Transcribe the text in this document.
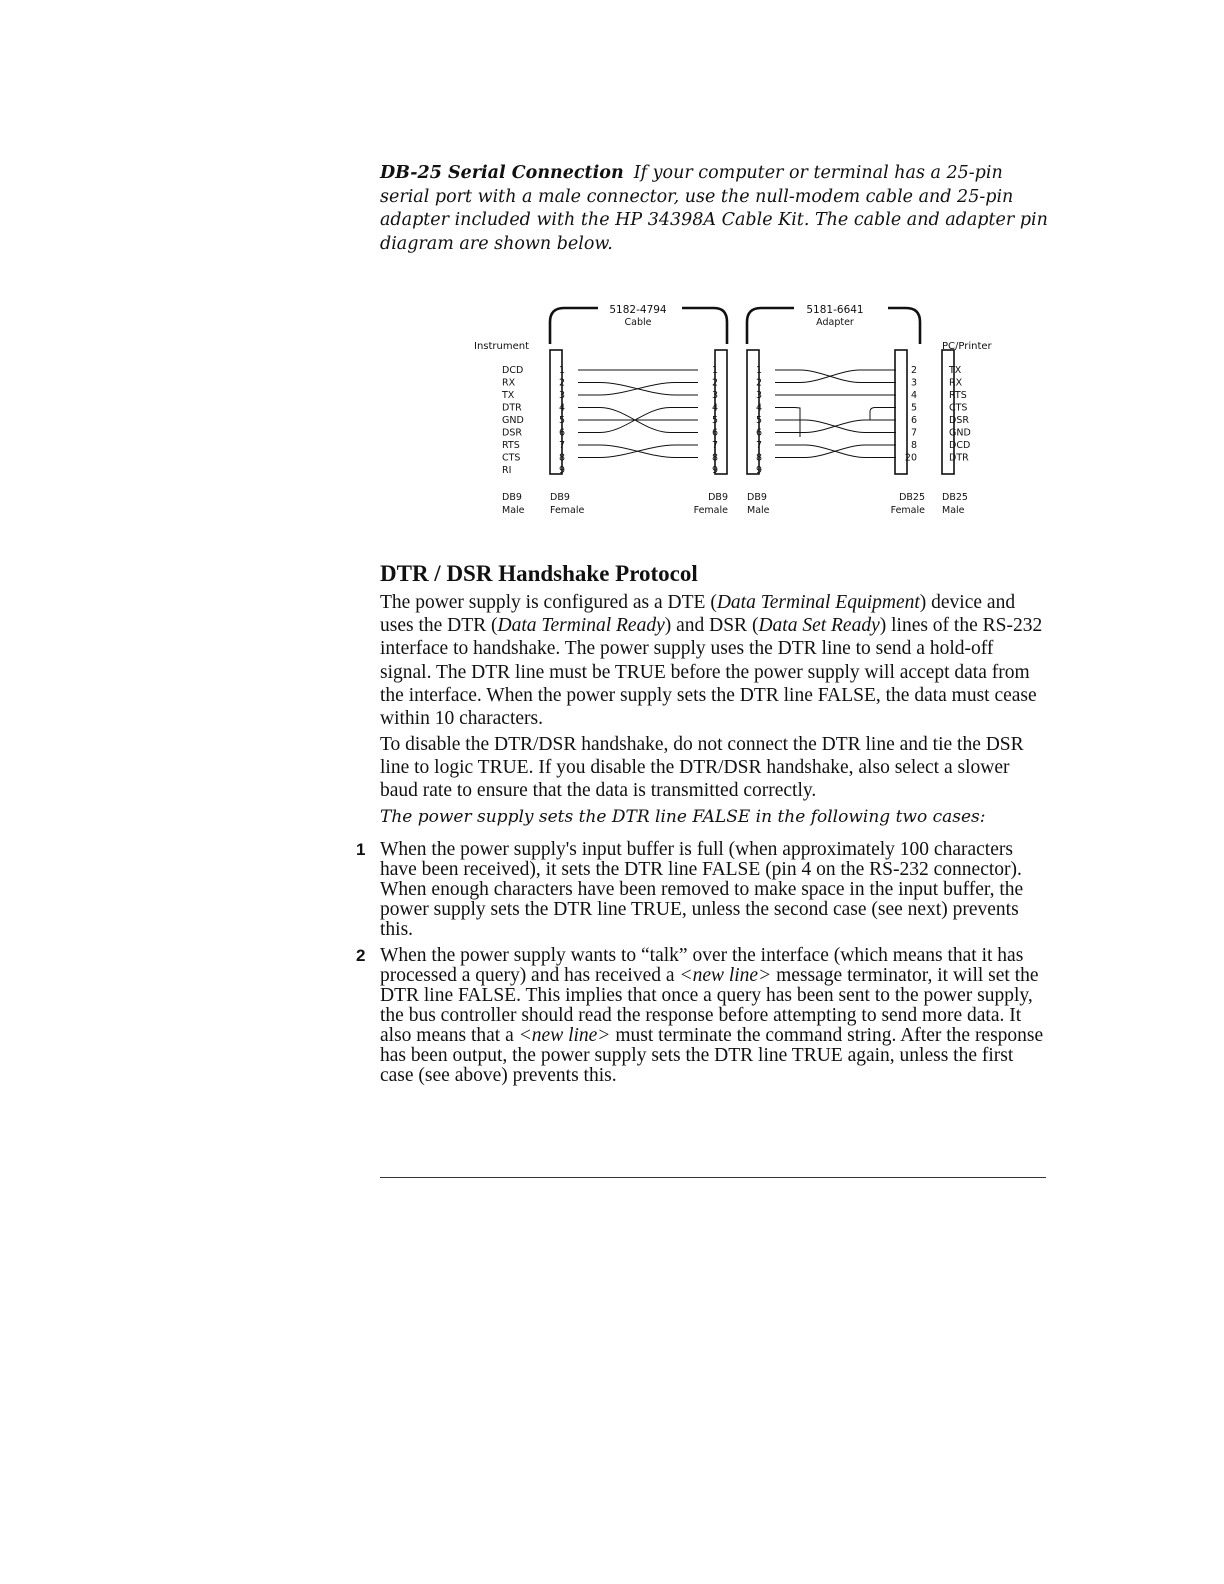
DB-25 Serial Connection If your computer or terminal has a 25-pin serial port with a male connector, use the null-modem cable and 25-pin adapter included with the HP 34398A Cable Kit. The cable and adapter pin diagram are shown below.

5182-4794
Cable
5181-6641
Adapter
Instrument	PC/Printer
DCD
RX
TX
DTR
GND
DSR
RTS
CTS
RI
1
2
3
4
5
6
7
8
9
1
2
3
4
5
6
7
8
9
1
2
3
4
5
6
7
8
9
2
3
4
5
6
7
8
20
TX
RX
RTS
CTS
DSR
GND
DCD
DTR
DB9
Male
DB9
Female
DB9
Female
DB9
Male
DB25
Female
DB25
Male
DTR / DSR Handshake Protocol

The power supply is configured as a DTE (Data Terminal Equipment) device and uses the DTR (Data Terminal Ready) and DSR (Data Set Ready) lines of the RS-232 interface to handshake. The power supply uses the DTR line to send a hold-off signal. The DTR line must be TRUE before the power supply will accept data from the interface. When the power supply sets the DTR line FALSE, the data must cease within 10 characters.

To disable the DTR/DSR handshake, do not connect the DTR line and tie the DSR line to logic TRUE. If you disable the DTR/DSR handshake, also select a slower baud rate to ensure that the data is transmitted correctly.

The power supply sets the DTR line FALSE in the following two cases:

1 When the power supply's input buffer is full (when approximately 100 characters have been received), it sets the DTR line FALSE (pin 4 on the RS-232 connector). When enough characters have been removed to make space in the input buffer, the power supply sets the DTR line TRUE, unless the second case (see next) prevents this.

2 When the power supply wants to “talk” over the interface (which means that it has processed a query) and has received a <new line> message terminator, it will set the DTR line FALSE. This implies that once a query has been sent to the power supply, the bus controller should read the response before attempting to send more data. It also means that a <new line> must terminate the command string. After the response has been output, the power supply sets the DTR line TRUE again, unless the first case (see above) prevents this.
